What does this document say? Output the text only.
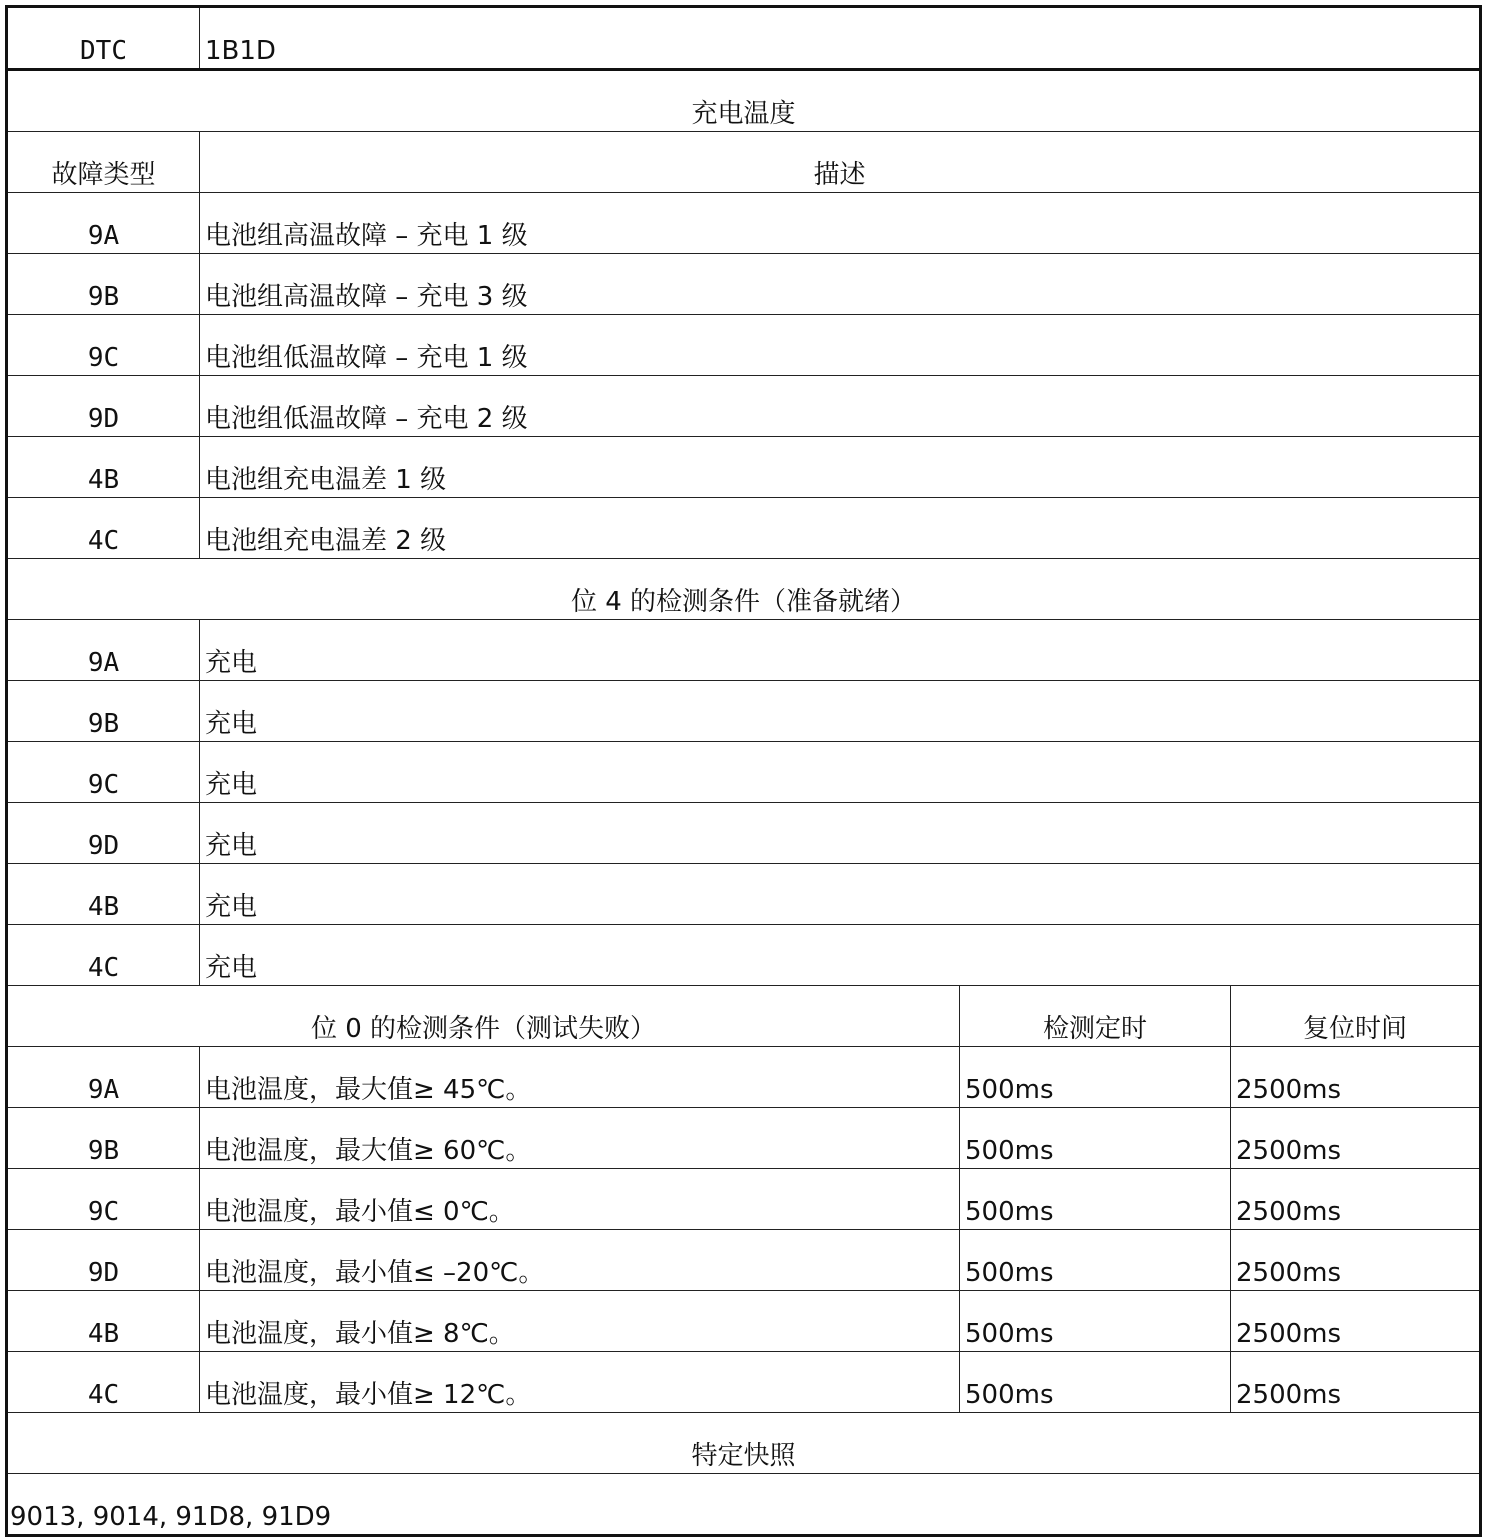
DTC	1B1D		
充电温度			
故障类型	描述		
9A	电池组高温故障 – 充电 1 级		
9B	电池组高温故障 – 充电 3 级		
9C	电池组低温故障 – 充电 1 级		
9D	电池组低温故障 – 充电 2 级		
4B	电池组充电温差 1 级		
4C	电池组充电温差 2 级		
位 4 的检测条件（准备就绪）			
9A	充电		
9B	充电		
9C	充电		
9D	充电		
4B	充电		
4C	充电		
位 0 的检测条件（测试失败）		检测定时	复位时间
9A	电池温度，最大值≥ 45℃。	500ms	2500ms
9B	电池温度，最大值≥ 60℃。	500ms	2500ms
9C	电池温度，最小值≤ 0℃。	500ms	2500ms
9D	电池温度，最小值≤ –20℃。	500ms	2500ms
4B	电池温度，最小值≥ 8℃。	500ms	2500ms
4C	电池温度，最小值≥ 12℃。	500ms	2500ms
特定快照			
9013, 9014, 91D8, 91D9			
